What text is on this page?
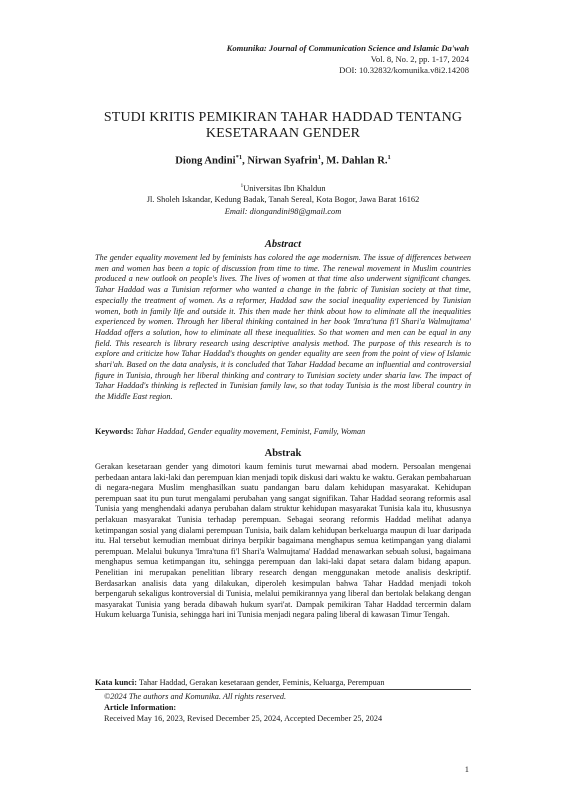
Komunika: Journal of Communication Science and Islamic Da'wah
Vol. 8, No. 2, pp. 1-17, 2024
DOI: 10.32832/komunika.v8i2.14208
STUDI KRITIS PEMIKIRAN TAHAR HADDAD TENTANG KESETARAAN GENDER
Diong Andini$^{*1}$, Nirwan Syafrin$^1$, M. Dahlan R.$^1$
$^1$Universitas Ibn Khaldun
Jl. Sholeh Iskandar, Kedung Badak, Tanah Sereal, Kota Bogor, Jawa Barat 16162
Email: diongandini98@gmail.com
Abstract
The gender equality movement led by feminists has colored the age modernism. The issue of differences between men and women has been a topic of discussion from time to time. The renewal movement in Muslim countries produced a new outlook on people's lives. The lives of women at that time also underwent significant changes. Tahar Haddad was a Tunisian reformer who wanted a change in the fabric of Tunisian society at that time, especially the treatment of women. As a reformer, Haddad saw the social inequality experienced by Tunisian women, both in family life and outside it. This then made her think about how to eliminate all the inequalities experienced by women. Through her liberal thinking contained in her book 'Imra'tuna fi'l Shari'a Walmujtama' Haddad offers a solution, how to eliminate all these inequalities. So that women and men can be equal in any field. This research is library research using descriptive analysis method. The purpose of this research is to explore and criticize how Tahar Haddad's thoughts on gender equality are seen from the point of view of Islamic shari'ah. Based on the data analysis, it is concluded that Tahar Haddad became an influential and controversial figure in Tunisia, through her liberal thinking and contrary to Tunisian society under sharia law. The impact of Tahar Haddad's thinking is reflected in Tunisian family law, so that today Tunisia is the most liberal country in the Middle East region.
Keywords: Tahar Haddad, Gender equality movement, Feminist, Family, Woman
Abstrak
Gerakan kesetaraan gender yang dimotori kaum feminis turut mewarnai abad modern. Persoalan mengenai perbedaan antara laki-laki dan perempuan kian menjadi topik diskusi dari waktu ke waktu. Gerakan pembaharuan di negara-negara Muslim menghasilkan suatu pandangan baru dalam kehidupan masyarakat. Kehidupan perempuan saat itu pun turut mengalami perubahan yang sangat signifikan. Tahar Haddad seorang reformis asal Tunisia yang menghendaki adanya perubahan dalam struktur kehidupan masyarakat Tunisia kala itu, khususnya perlakuan masyarakat Tunisia terhadap perempuan. Sebagai seorang reformis Haddad melihat adanya ketimpangan sosial yang dialami perempuan Tunisia, baik dalam kehidupan berkeluarga maupun di luar daripada itu. Hal tersebut kemudian membuat dirinya berpikir bagaimana menghapus semua ketimpangan yang dialami perempuan. Melalui bukunya 'Imra'tuna fi'l Shari'a Walmujtama' Haddad menawarkan sebuah solusi, bagaimana menghapus semua ketimpangan itu, sehingga perempuan dan laki-laki dapat setara dalam bidang apapun. Penelitian ini merupakan penelitian library research dengan menggunakan metode analisis deskriptif. Berdasarkan analisis data yang dilakukan, diperoleh kesimpulan bahwa Tahar Haddad menjadi tokoh berpengaruh sekaligus kontroversial di Tunisia, melalui pemikirannya yang liberal dan bertolak belakang dengan masyarakat Tunisia yang berada dibawah hukum syari'at. Dampak pemikiran Tahar Haddad tercermin dalam Hukum keluarga Tunisia, sehingga hari ini Tunisia menjadi negara paling liberal di kawasan Timur Tengah.
Kata kunci: Tahar Haddad, Gerakan kesetaraan gender, Feminis, Keluarga, Perempuan
©2024 The authors and Komunika. All rights reserved.
Article Information:
Received May 16, 2023, Revised December 25, 2024, Accepted December 25, 2024
1
